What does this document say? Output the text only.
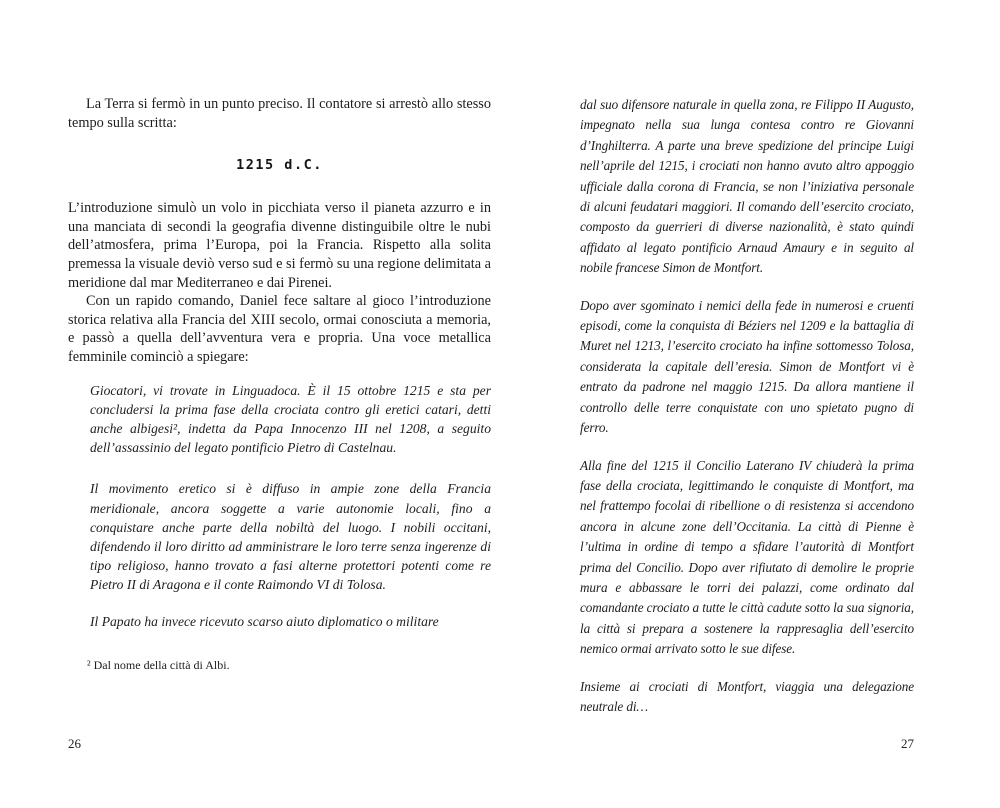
La Terra si fermò in un punto preciso. Il contatore si arrestò allo stesso tempo sulla scritta:

1215 d.C.

L’introduzione simulò un volo in picchiata verso il pianeta azzurro e in una manciata di secondi la geografia divenne distinguibile oltre le nubi dell’atmosfera, prima l’Europa, poi la Francia. Rispetto alla solita premessa la visuale deviò verso sud e si fermò su una regione delimitata a meridione dal mar Mediterraneo e dai Pirenei.

Con un rapido comando, Daniel fece saltare al gioco l’introduzione storica relativa alla Francia del XIII secolo, ormai conosciuta a memoria, e passò a quella dell’avventura vera e propria. Una voce metallica femminile cominciò a spiegare:

Giocatori, vi trovate in Linguadoca. È il 15 ottobre 1215 e sta per concludersi la prima fase della crociata contro gli eretici catari, detti anche albigesi², indetta da Papa Innocenzo III nel 1208, a seguito dell’assassinio del legato pontificio Pietro di Castelnau.

Il movimento eretico si è diffuso in ampie zone della Francia meridionale, ancora soggette a varie autonomie locali, fino a conquistare anche parte della nobiltà del luogo. I nobili occitani, difendendo il loro diritto ad amministrare le loro terre senza ingerenze di tipo religioso, hanno trovato a fasi alterne protettori potenti come re Pietro II di Aragona e il conte Raimondo VI di Tolosa.

Il Papato ha invece ricevuto scarso aiuto diplomatico o militare

² Dal nome della città di Albi.

dal suo difensore naturale in quella zona, re Filippo II Augusto, impegnato nella sua lunga contesa contro re Giovanni d’Inghilterra. A parte una breve spedizione del principe Luigi nell’aprile del 1215, i crociati non hanno avuto altro appoggio ufficiale dalla corona di Francia, se non l’iniziativa personale di alcuni feudatari maggiori. Il comando dell’esercito crociato, composto da guerrieri di diverse nazionalità, è stato quindi affidato al legato pontificio Arnaud Amaury e in seguito al nobile francese Simon de Montfort.

Dopo aver sgominato i nemici della fede in numerosi e cruenti episodi, come la conquista di Béziers nel 1209 e la battaglia di Muret nel 1213, l’esercito crociato ha infine sottomesso Tolosa, considerata la capitale dell’eresia. Simon de Montfort vi è entrato da padrone nel maggio 1215. Da allora mantiene il controllo delle terre conquistate con uno spietato pugno di ferro.

Alla fine del 1215 il Concilio Laterano IV chiuderà la prima fase della crociata, legittimando le conquiste di Montfort, ma nel frattempo focolai di ribellione o di resistenza si accendono ancora in alcune zone dell’Occitania. La città di Pienne è l’ultima in ordine di tempo a sfidare l’autorità di Montfort prima del Concilio. Dopo aver rifiutato di demolire le proprie mura e abbassare le torri dei palazzi, come ordinato dal comandante crociato a tutte le città cadute sotto la sua signoria, la città si prepara a sostenere la rappresaglia dell’esercito nemico ormai arrivato sotto le sue difese.

Insieme ai crociati di Montfort, viaggia una delegazione neutrale di…

26	27
